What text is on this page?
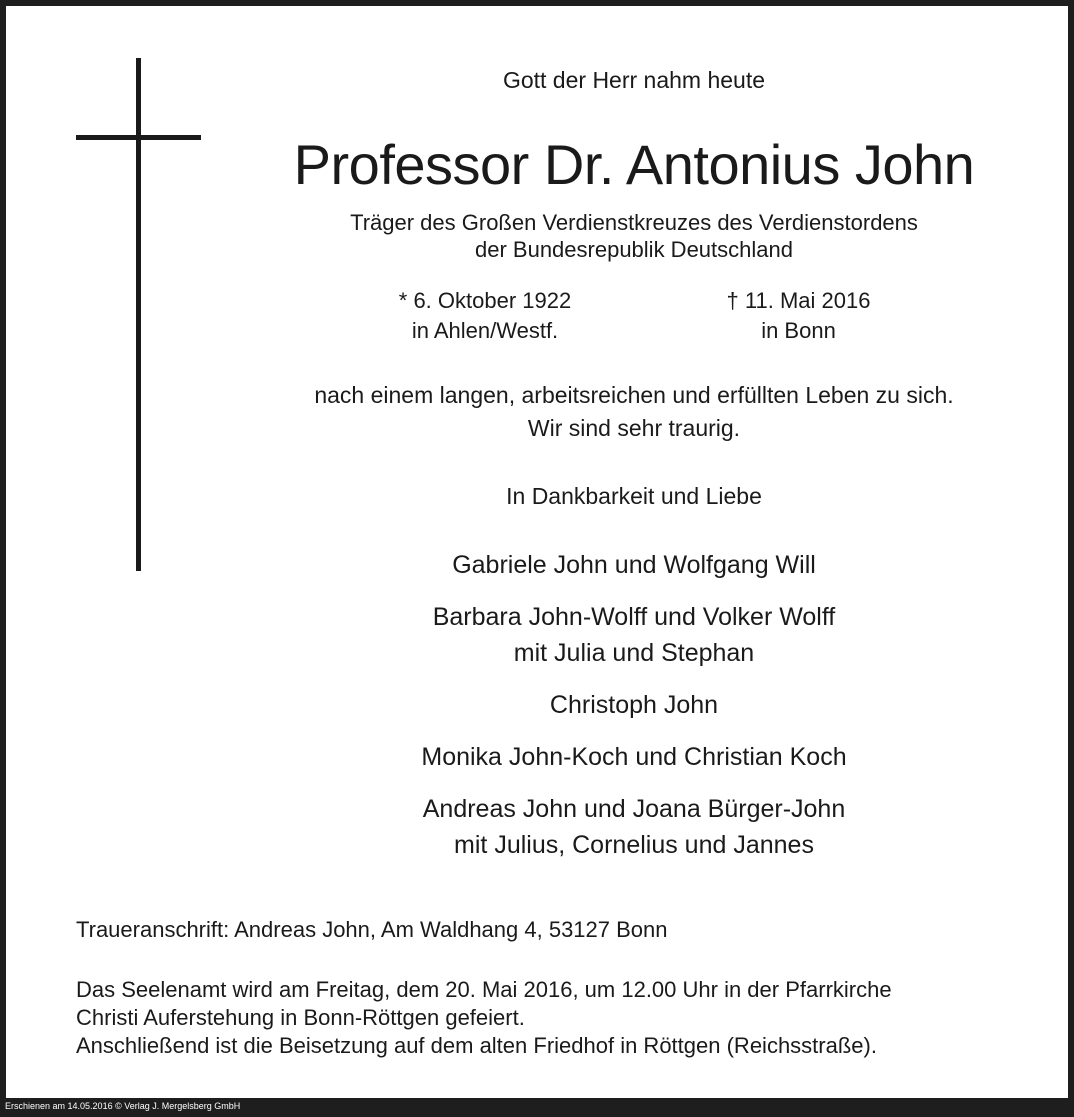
Gott der Herr nahm heute
Professor Dr. Antonius John
Träger des Großen Verdienstkreuzes des Verdienstordens
der Bundesrepublik Deutschland
* 6. Oktober 1922
in Ahlen/Westf.
† 11. Mai 2016
in Bonn
nach einem langen, arbeitsreichen und erfüllten Leben zu sich.
Wir sind sehr traurig.
In Dankbarkeit und Liebe
Gabriele John und Wolfgang Will
Barbara John-Wolff und Volker Wolff
mit Julia und Stephan
Christoph John
Monika John-Koch und Christian Koch
Andreas John und Joana Bürger-John
mit Julius, Cornelius und Jannes
Traueranschrift: Andreas John, Am Waldhang 4, 53127 Bonn
Das Seelenamt wird am Freitag, dem 20. Mai 2016, um 12.00 Uhr in der Pfarrkirche
Christi Auferstehung in Bonn-Röttgen gefeiert.
Anschließend ist die Beisetzung auf dem alten Friedhof in Röttgen (Reichsstraße).
Erschienen am 14.05.2016 © Verlag J. Mergelsberg GmbH
